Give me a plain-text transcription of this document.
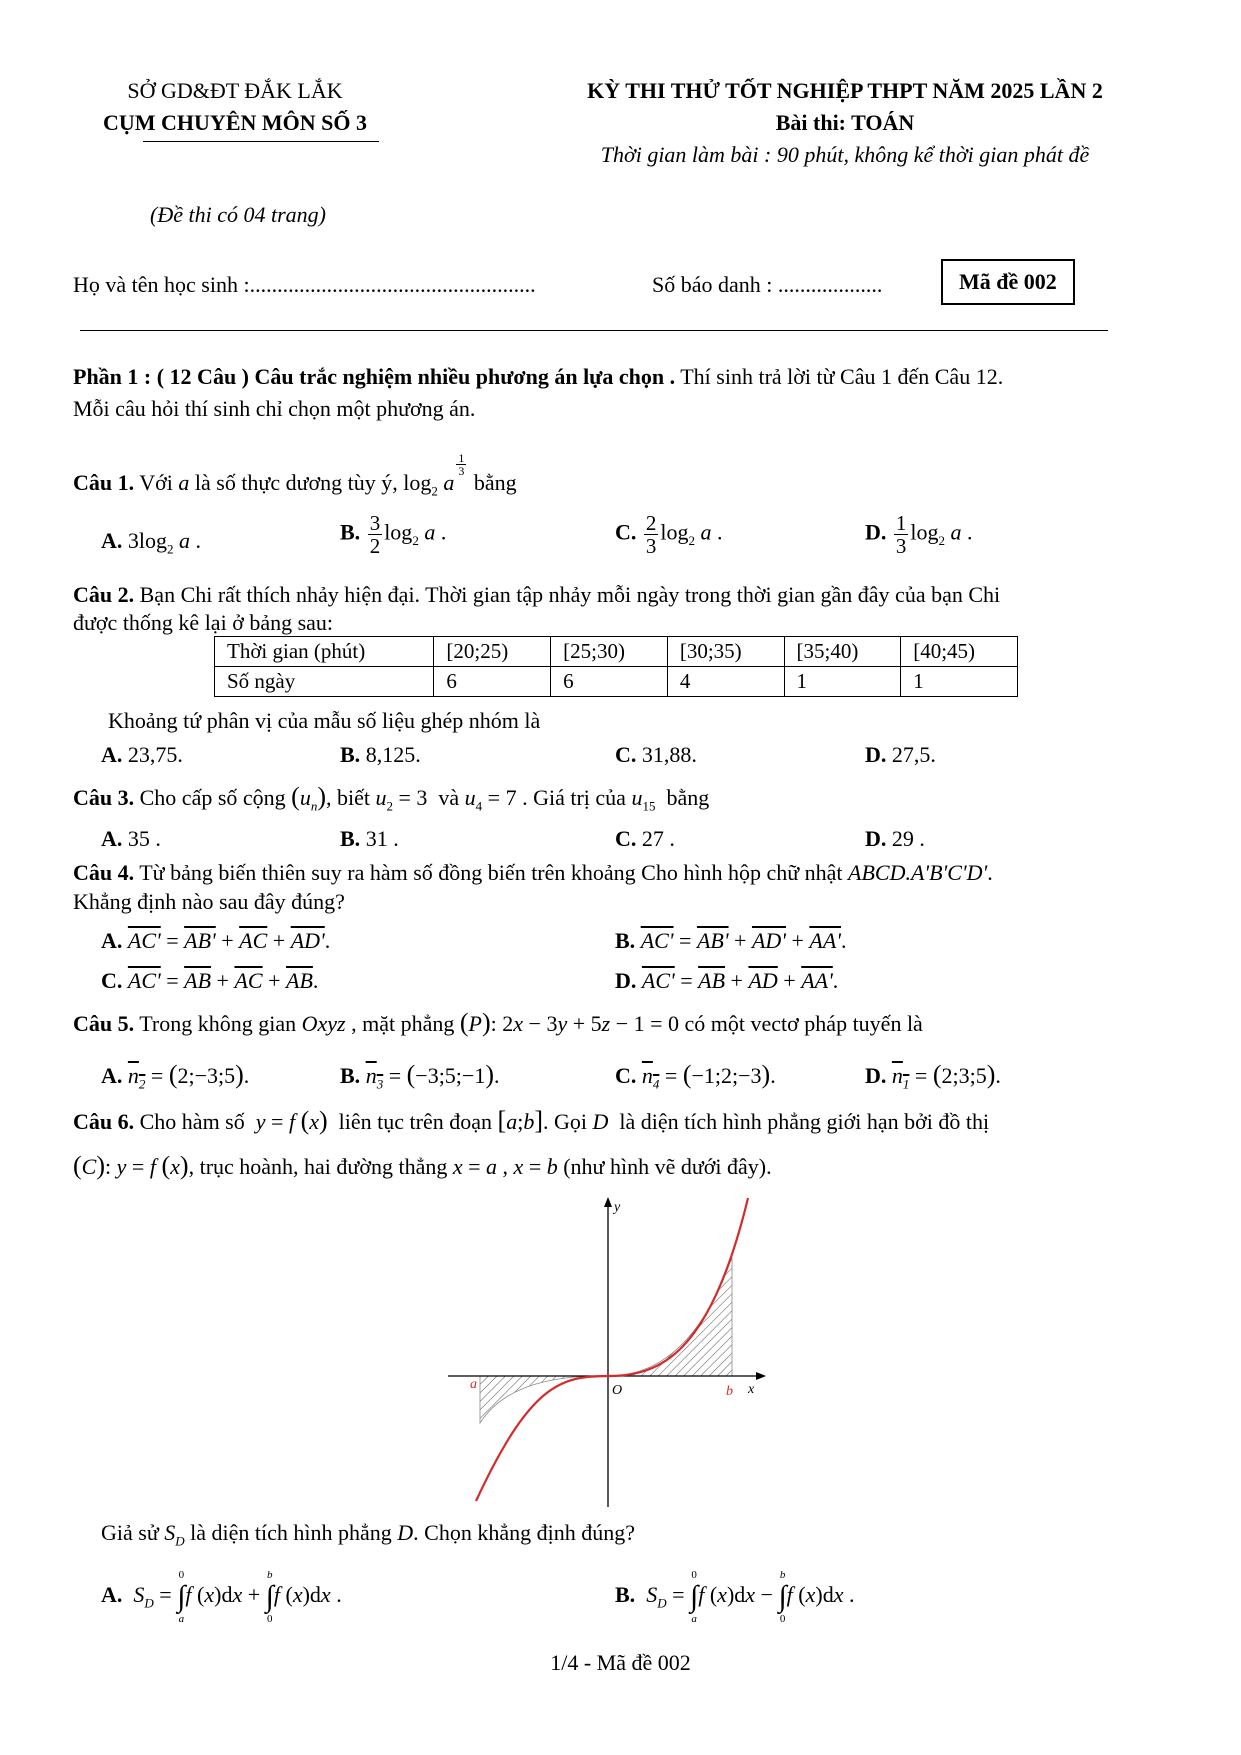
SỞ GD&ĐT ĐẮK LẮK
CỤM CHUYÊN MÔN SỐ 3
(Đề thi có 04 trang)
KỲ THI THỬ TỐT NGHIỆP THPT NĂM 2025 LẦN 2
Bài thi: TOÁN
Thời gian làm bài : 90 phút, không kể thời gian phát đề
Họ và tên học sinh :....................................................	Số báo danh : ...................	Mã đề 002
Phần 1 : ( 12 Câu ) Câu trắc nghiệm nhiều phương án lựa chọn . Thí sinh trả lời từ Câu 1 đến Câu 12.
Mỗi câu hỏi thí sinh chỉ chọn một phương án.
Câu 1. Với a là số thực dương tùy ý, $\log_2 a$
$\frac{1}{3}$
bằng
A. $3\log_2$ a .	B. $\frac{3}{2} \log_2 a$ .	C. $\frac{2}{3} \log_2 a$ .	D. $\frac{1}{3} \log_2 a$ .
Câu 2. Bạn Chi rất thích nhảy hiện đại. Thời gian tập nhảy mỗi ngày trong thời gian gần đây của bạn Chi
được thống kê lại ở bảng sau:
Thời gian (phút)	[20;25)	[25;30)	[30;35)	[35;40)	[40;45)
Số ngày	6	6	4	1	1
Khoảng tứ phân vị của mẫu số liệu ghép nhóm là
A. 23,75.	B. 8,125.	C. 31,88.	D. 27,5.
Câu 3. Cho cấp số cộng $(u_n)$, biết $u_2 = 3$  và $u_4 = 7$ . Giá trị của $u_{15}$  bằng
A. 35 .	B. 31 .	C. 27 .	D. 29 .
Câu 4. Từ bảng biến thiên suy ra hàm số đồng biến trên khoảng Cho hình hộp chữ nhật ABCD.A'B'C'D'.
Khẳng định nào sau đây đúng?
A. $AC' = AB' + \overline{AC} + AD'$.	B. AC' = AB' + AD' + AA'.
C. $AC' = \overline{AB} + \overline{AC} + \overline{AB}$.	D. $AC' = \overline{AB} + \overline{AD} + AA'$.
Câu 5. Trong không gian Oxyz , mặt phẳng (P): 2x − 3y + 5z − 1 = 0 có một vectơ pháp tuyến là
A. $n_2$ = (2;−3;5).	B. $n_3$ = (−3;5;−1).	C. $n_4$ = (−1;2;−3).	D. $n_1$ = (2;3;5).
Câu 6. Cho hàm số  y = f (x)  liên tục trên đoạn [a;b]. Gọi D  là diện tích hình phẳng giới hạn bởi đồ thị
(C): y = f (x), trục hoành, hai đường thẳng x = a , x = b (như hình vẽ dưới đây).
y
x
O
a	b
Giả sử $S_D$ là diện tích hình phẳng D. Chọn khẳng định đúng?
A. $S_D$ =
0
∫
a
f (x)dx +
b
∫
0
f (x)dx .	B. $S_D$ =
0
∫
a
f (x)dx −
b
∫
0
f (x)dx .
1/4 - Mã đề 002
